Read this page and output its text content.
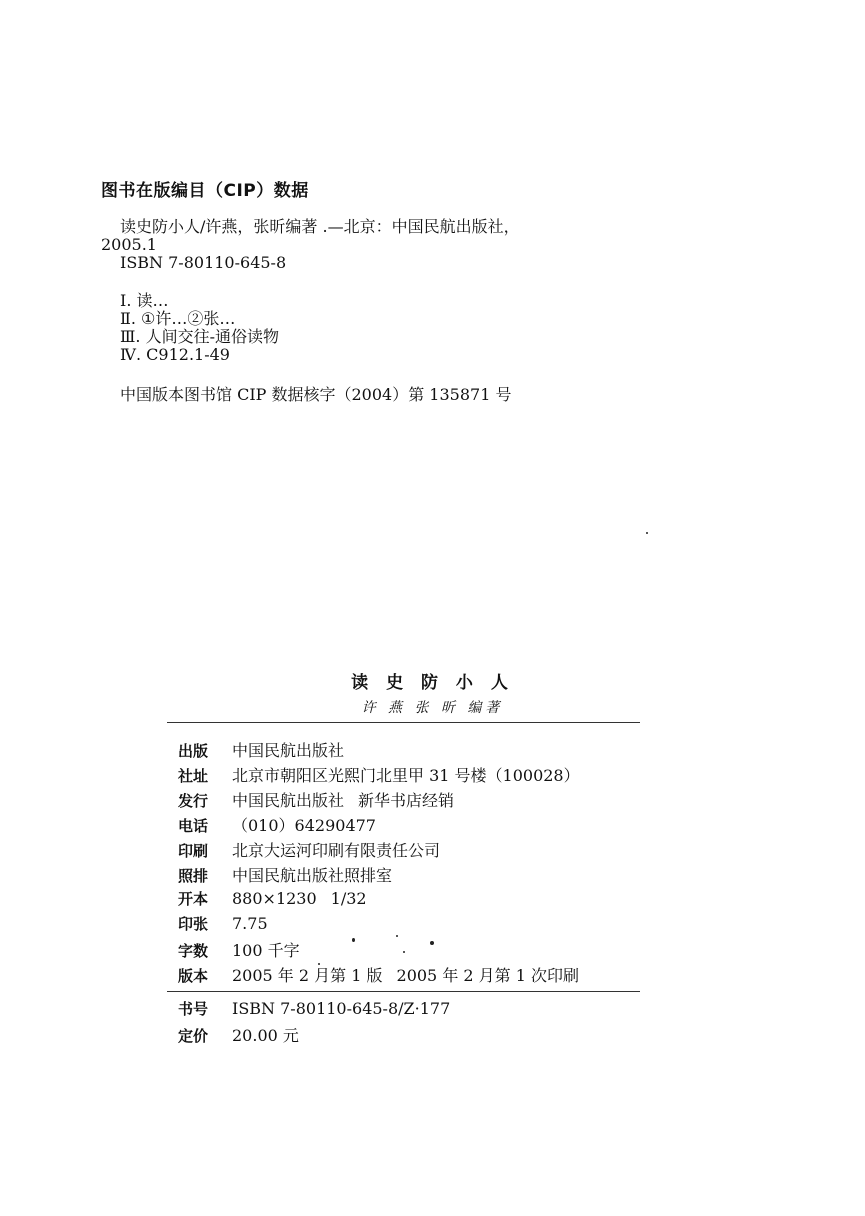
图书在版编目（CIP）数据
读史防小人/许燕，张昕编著 .—北京：中国民航出版社，
2005.1
ISBN 7-80110-645-8
Ⅰ. 读…
Ⅱ. ①许…②张…
Ⅲ. 人间交往-通俗读物
Ⅳ. C912.1-49
中国版本图书馆 CIP 数据核字（2004）第 135871 号
读 史 防 小 人
许 燕 张 昕 编著
出版	中国民航出版社
社址	北京市朝阳区光熙门北里甲 31 号楼（100028）
发行	中国民航出版社 新华书店经销
电话	（010）64290477
印刷	北京大运河印刷有限责任公司
照排	中国民航出版社照排室
开本	880×1230 1/32
印张	7.75
字数	100 千字
版本	2005 年 2 月第 1 版 2005 年 2 月第 1 次印刷
书号	ISBN 7-80110-645-8/Z·177
定价	20.00 元
